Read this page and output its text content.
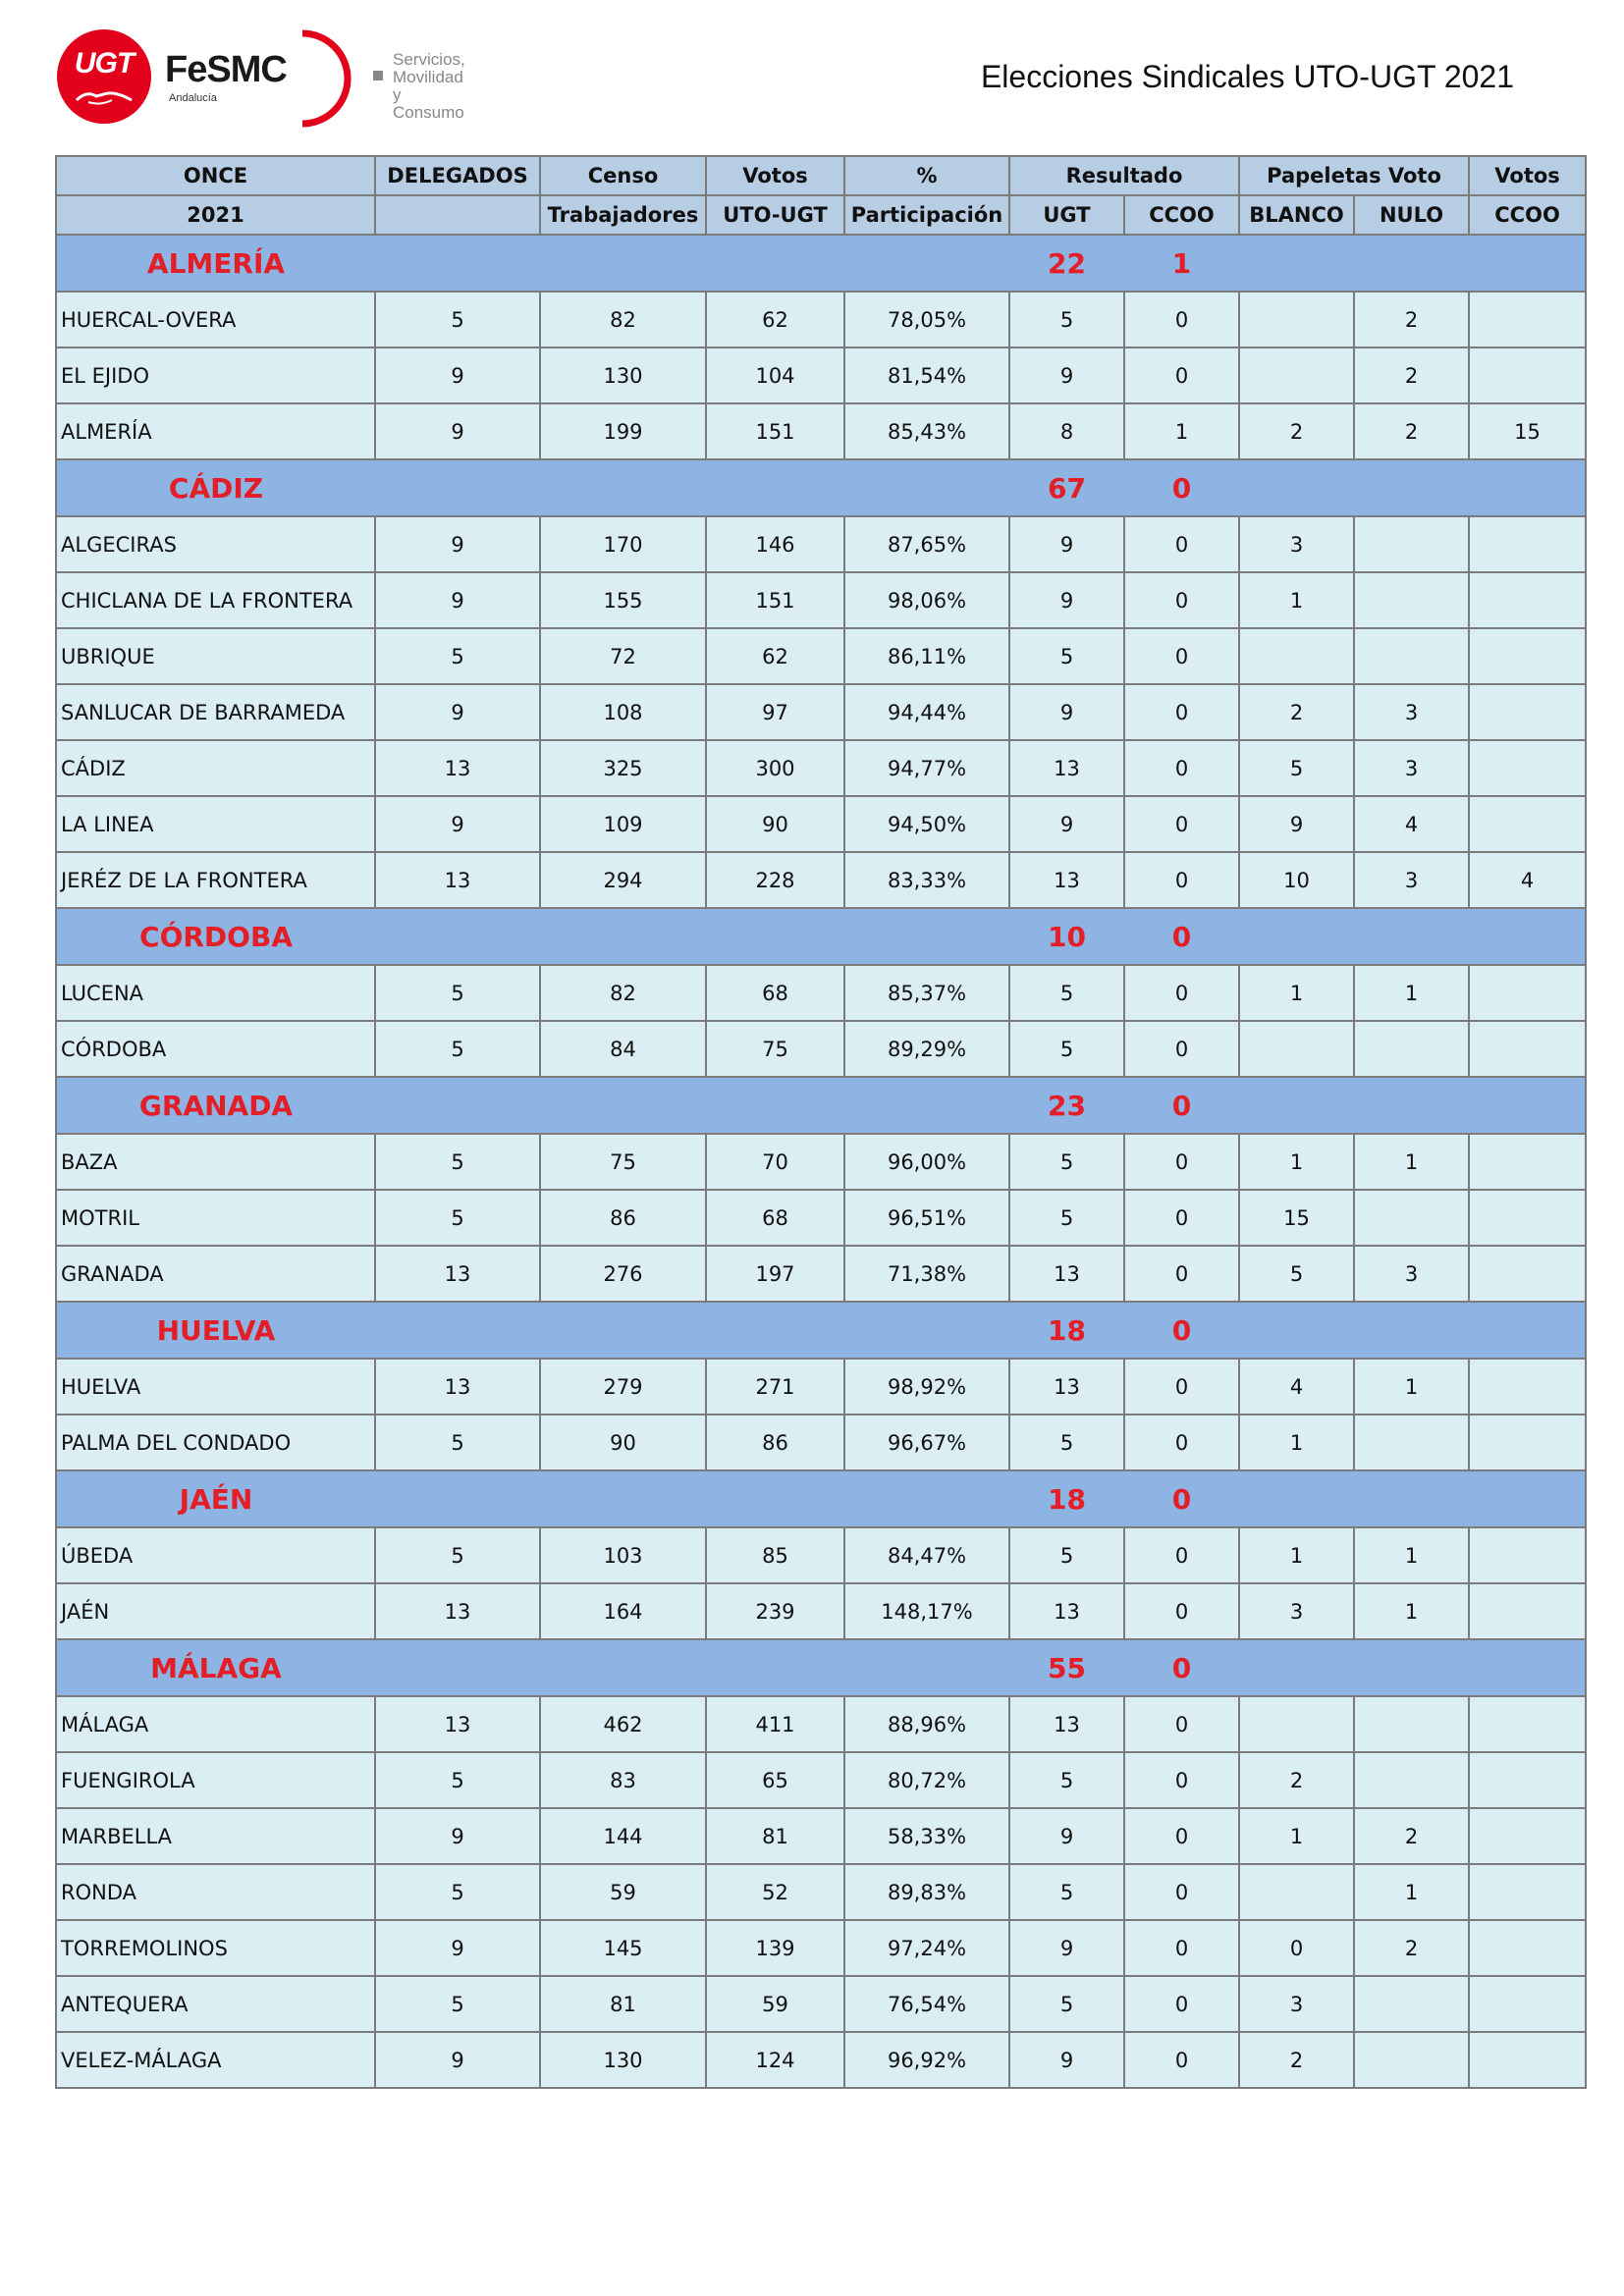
UGT FeSMC
Andalucía
Servicios,
Movilidad
y Consumo
Elecciones Sindicales UTO-UGT 2021
ONCE	DELEGADOS	Censo	Votos	%	Resultado		Papeletas Voto		Votos
2021		Trabajadores	UTO-UGT	Participación	UGT	CCOO	BLANCO	NULO	CCOO
ALMERÍA					22	1			
HUERCAL-OVERA	5	82	62	78,05%	5	0		2	
EL EJIDO	9	130	104	81,54%	9	0		2	
ALMERÍA	9	199	151	85,43%	8	1	2	2	15
CÁDIZ					67	0			
ALGECIRAS	9	170	146	87,65%	9	0	3		
CHICLANA DE LA FRONTERA	9	155	151	98,06%	9	0	1		
UBRIQUE	5	72	62	86,11%	5	0			
SANLUCAR DE BARRAMEDA	9	108	97	94,44%	9	0	2	3	
CÁDIZ	13	325	300	94,77%	13	0	5	3	
LA LINEA	9	109	90	94,50%	9	0	9	4	
JERÉZ DE LA FRONTERA	13	294	228	83,33%	13	0	10	3	4
CÓRDOBA					10	0			
LUCENA	5	82	68	85,37%	5	0	1	1	
CÓRDOBA	5	84	75	89,29%	5	0			
GRANADA					23	0			
BAZA	5	75	70	96,00%	5	0	1	1	
MOTRIL	5	86	68	96,51%	5	0	15		
GRANADA	13	276	197	71,38%	13	0	5	3	
HUELVA					18	0			
HUELVA	13	279	271	98,92%	13	0	4	1	
PALMA DEL CONDADO	5	90	86	96,67%	5	0	1		
JAÉN					18	0			
ÚBEDA	5	103	85	84,47%	5	0	1	1	
JAÉN	13	164	239	148,17%	13	0	3	1	
MÁLAGA					55	0			
MÁLAGA	13	462	411	88,96%	13	0			
FUENGIROLA	5	83	65	80,72%	5	0	2		
MARBELLA	9	144	81	58,33%	9	0	1	2	
RONDA	5	59	52	89,83%	5	0		1	
TORREMOLINOS	9	145	139	97,24%	9	0	0	2	
ANTEQUERA	5	81	59	76,54%	5	0	3		
VELEZ-MÁLAGA	9	130	124	96,92%	9	0	2		
